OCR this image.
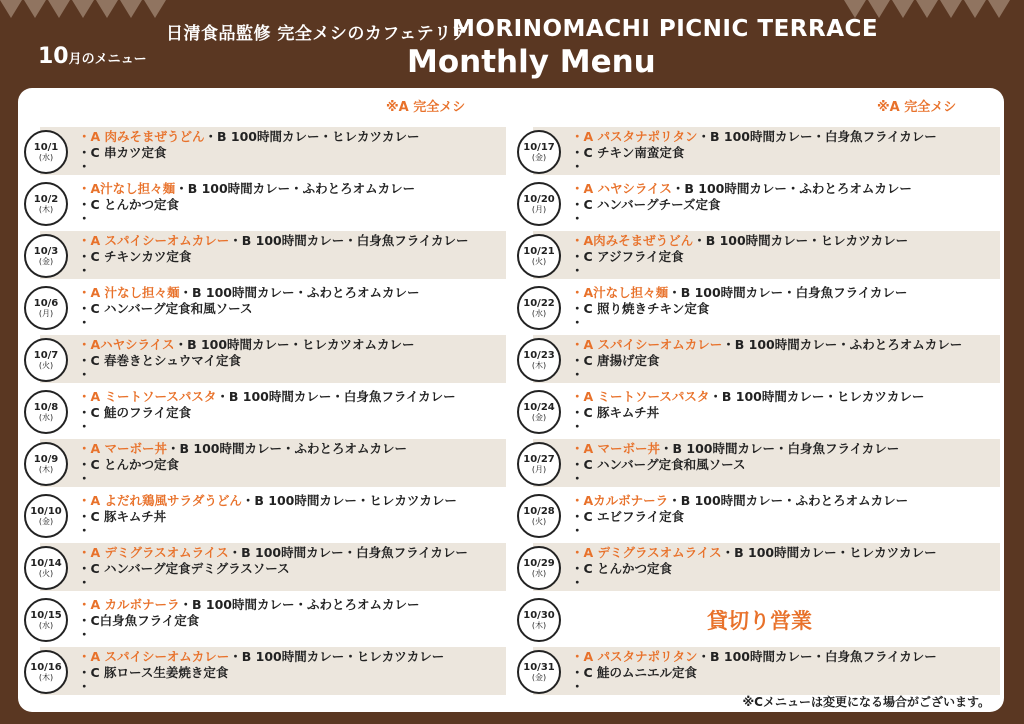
日清食品監修 完全メシのカフェテリア
MORINOMACHI PICNIC TERRACE
Monthly Menu
10月のメニュー
※A 完全メシ	※A 完全メシ
10/1
(水)
・A 肉みそまぜうどん・B 100時間カレー・ヒレカツカレー
・C 串カツ定食
・
10/2
(木)
・A汁なし担々麺・B 100時間カレー・ふわとろオムカレー
・C とんかつ定食
・
10/3
(金)
・A スパイシーオムカレー・B 100時間カレー・白身魚フライカレー
・C チキンカツ定食
・
10/6
(月)
・A 汁なし担々麺・B 100時間カレー・ふわとろオムカレー
・C ハンバーグ定食和風ソース
・
10/7
(火)
・Aハヤシライス・B 100時間カレー・ヒレカツオムカレー
・C 春巻きとシュウマイ定食
・
10/8
(水)
・A ミートソースパスタ・B 100時間カレー・白身魚フライカレー
・C 鮭のフライ定食
・
10/9
(木)
・A マーボー丼・B 100時間カレー・ふわとろオムカレー
・C とんかつ定食
・
10/10
(金)
・A よだれ鶏風サラダうどん・B 100時間カレー・ヒレカツカレー
・C 豚キムチ丼
・
10/14
(火)
・A デミグラスオムライス・B 100時間カレー・白身魚フライカレー
・C ハンバーグ定食デミグラスソース
・
10/15
(水)
・A カルボナーラ・B 100時間カレー・ふわとろオムカレー
・C白身魚フライ定食
・
10/16
(木)
・A スパイシーオムカレー・B 100時間カレー・ヒレカツカレー
・C 豚ロース生姜焼き定食
・
10/17
(金)
・A パスタナポリタン・B 100時間カレー・白身魚フライカレー
・C チキン南蛮定食
・
10/20
(月)
・A ハヤシライス・B 100時間カレー・ふわとろオムカレー
・C ハンバーグチーズ定食
・
10/21
(火)
・A肉みそまぜうどん・B 100時間カレー・ヒレカツカレー
・C アジフライ定食
・
10/22
(水)
・A汁なし担々麺・B 100時間カレー・白身魚フライカレー
・C 照り焼きチキン定食
・
10/23
(木)
・A スパイシーオムカレー・B 100時間カレー・ふわとろオムカレー
・C 唐揚げ定食
・
10/24
(金)
・A ミートソースパスタ・B 100時間カレー・ヒレカツカレー
・C 豚キムチ丼
・
10/27
(月)
・A マーボー丼・B 100時間カレー・白身魚フライカレー
・C ハンバーグ定食和風ソース
・
10/28
(火)
・Aカルボナーラ・B 100時間カレー・ふわとろオムカレー
・C エビフライ定食
・
10/29
(水)
・A デミグラスオムライス・B 100時間カレー・ヒレカツカレー
・C とんかつ定食
・
10/30
(木)	貸切り営業
10/31
(金)
・A パスタナポリタン・B 100時間カレー・白身魚フライカレー
・C 鮭のムニエル定食
・
※Cメニューは変更になる場合がございます。
